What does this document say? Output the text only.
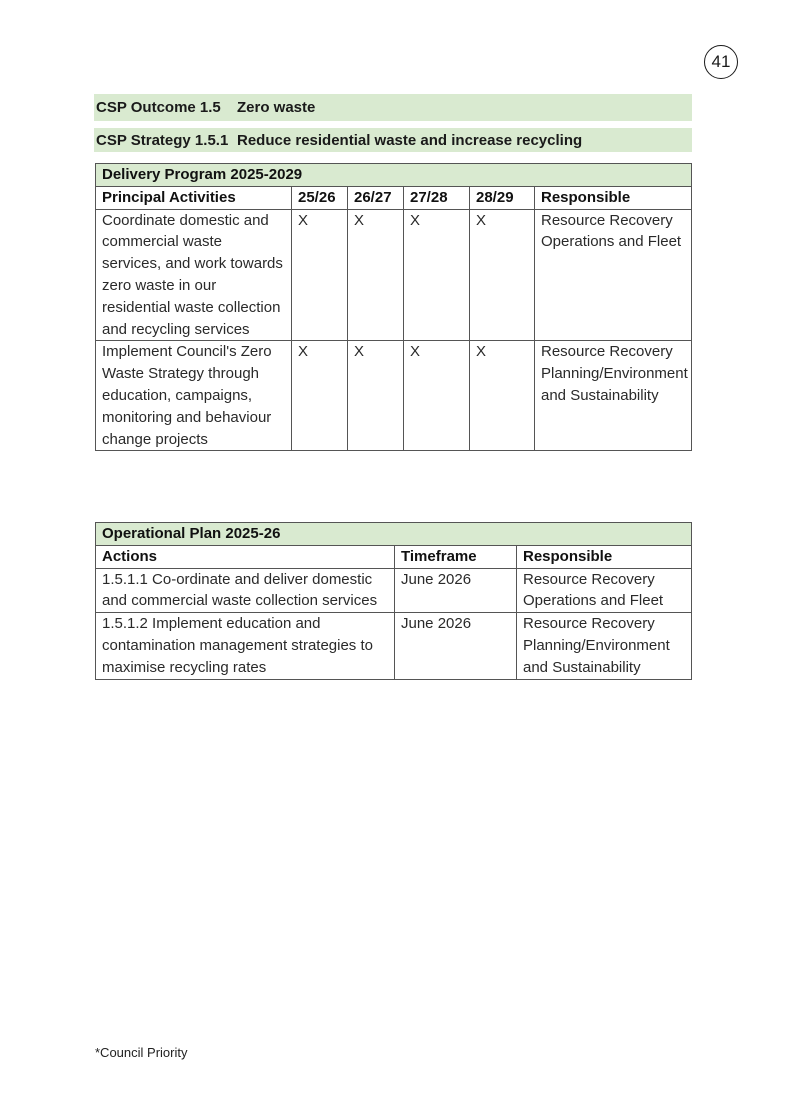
41
CSP Outcome 1.5	Zero waste
CSP Strategy 1.5.1 Reduce residential waste and increase recycling
Delivery Program 2025-2029					
Principal Activities	25/26	26/27	27/28	28/29	Responsible
Coordinate domestic and commercial waste services, and work towards zero waste in our residential waste collection and recycling services	X	X	X	X	Resource Recovery Operations and Fleet
Implement Council's Zero Waste Strategy through education, campaigns, monitoring and behaviour change projects	X	X	X	X	Resource Recovery Planning/Environment and Sustainability
Operational Plan 2025-26		
Actions	Timeframe	Responsible
1.5.1.1 Co-ordinate and deliver domestic and commercial waste collection services	June 2026	Resource Recovery Operations and Fleet
1.5.1.2 Implement education and contamination management strategies to maximise recycling rates	June 2026	Resource Recovery Planning/Environment and Sustainability
*Council Priority
